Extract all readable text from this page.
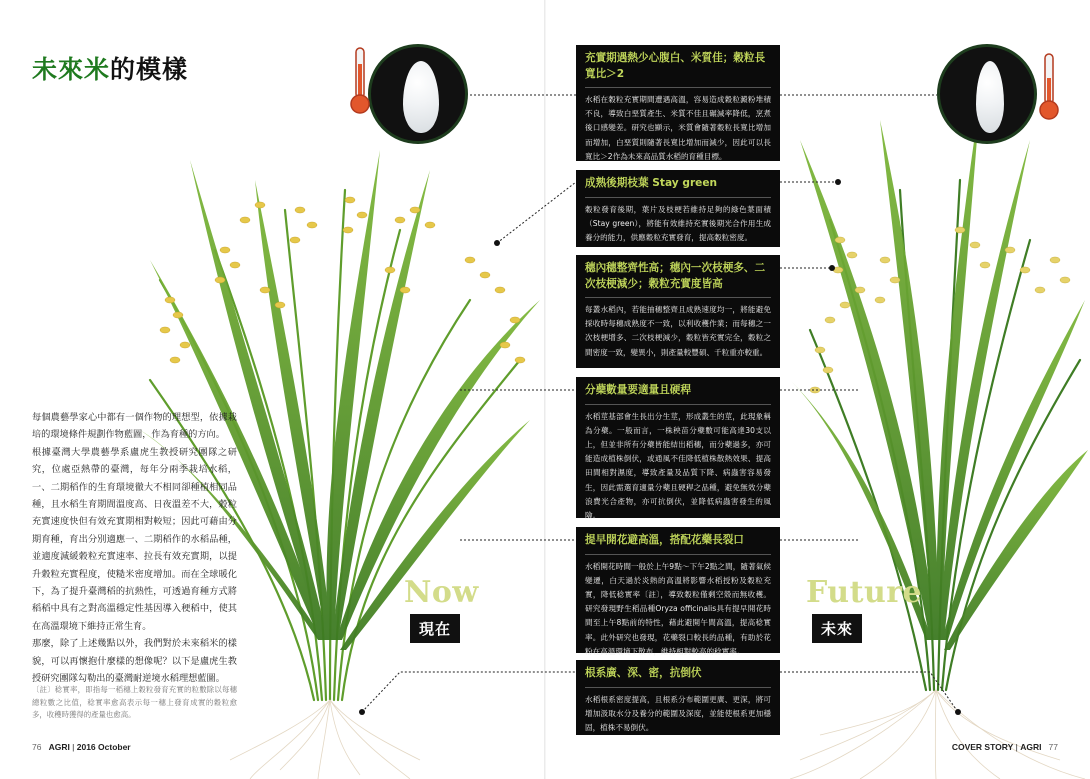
未來米的模樣

每個農藝學家心中都有一個作物的理想型，依據栽培的環境條件規劃作物藍圖，作為育種的方向。

根據臺灣大學農藝學系盧虎生教授研究團隊之研究，位處亞熱帶的臺灣，每年分兩季栽培水稻，一、二期稻作的生育環境徹大不相同卻種植相同品種，且水稻生育期間溫度高、日夜溫差不大，穀粒充實速度快但有效充實期相對較短；因此可藉由分期育種，育出分別適應一、二期稻作的水稻品種，並適度減緩穀粒充實速率、拉長有效充實期，以提升穀粒充實程度，使糙米密度增加。而在全球暖化下，為了提升臺灣稻的抗熱性，可透過育種方式將稻稻中具有之對高溫穩定性基因導入稉稻中，使其在高溫環境下維持正常生育。

那麼，除了上述幾點以外，我們對於未來稻米的樣貌，可以再懷抱什麼樣的想像呢？以下是盧虎生教授研究團隊勾勒出的臺灣耐逆境水稻理想藍圖。

〔註〕稔實率，即指每一稻穗上穀粒發育充實的粒數除以每穗總粒數之比值，稔實率愈高表示每一穗上發育成實的穀粒愈多，收穫時獲得的產量也愈高。
Now
現在
Future
未來
充實期遇熱少心腹白、米質佳；穀粒長寬比＞2
水稻在穀粒充實期間遭遇高溫，容易造成穀粒澱粉堆積不良，導致白堊質產生、米質不佳且碾減率降低，烹煮後口感變差。研究也顯示，米質會隨著穀粒長寬比增加而增加，白堊質則隨著長寬比增加而減少，因此可以長寬比＞2作為未來高品質水稻的育種目標。
成熟後期枝葉 Stay green
穀粒發育後期，葉片及枝梗若維持足夠的綠色葉面積（Stay green），將能有效維持充實後期光合作用生成養分的能力，供應穀粒充實發育，提高穀粒密度。
穗內穗整齊性高；穗內一次枝梗多、二次枝梗減少；穀粒充實度皆高
每叢水稻內，若能抽穗整齊且成熟速度均一，將能避免採收時每穗成熟度不一致，以利收穫作業；而每穗之一次枝梗增多、二次枝梗減少，穀粒皆充實完全，穀粒之間密度一致，變異小，則產量較豐碩、千粒重亦較重。
分蘗數量要適量且硬稈
水稻莖基部會生長出分生莖，形成叢生的莖，此現象稱為分蘗。一般而言，一株秧苗分蘗數可能高達30支以上，但並非所有分蘗皆能結出稻穗，而分蘗過多，亦可能造成植株倒伏，或通風不佳降低植株散熱效果、提高田間相對濕度，導致產量及品質下降、病蟲害容易發生，因此需選育適量分蘗且硬稈之品種，避免無效分蘗浪費光合產物，亦可抗倒伏，並降低病蟲害發生的風險。
提早開花避高溫，搭配花藥長裂口
水稻開花時間一般於上午9點～下午2點之間，隨著氣候變遷，白天過於炎熱的高溫將影響水稻授粉及穀粒充實，降低稔實率〔註〕，導致穀粒僅剩空殼而無收穫。研究發現野生稻品種Oryza officinalis具有提早開花時間至上午8點前的特性，藉此避開午間高溫，提高稔實率。此外研究也發現，花藥裂口較長的品種，有助於花粉在高溫環境下散布，維持相對較高的稔實率。
根系廣、深、密，抗倒伏
水稻根系密度提高，且根系分布範圍更廣、更深，將可增加汲取水分及養分的範圍及深度，並能使根系更加穩固，植株不易倒伏。
76 AGRI | 2016 October	COVER STORY | AGRI 77
